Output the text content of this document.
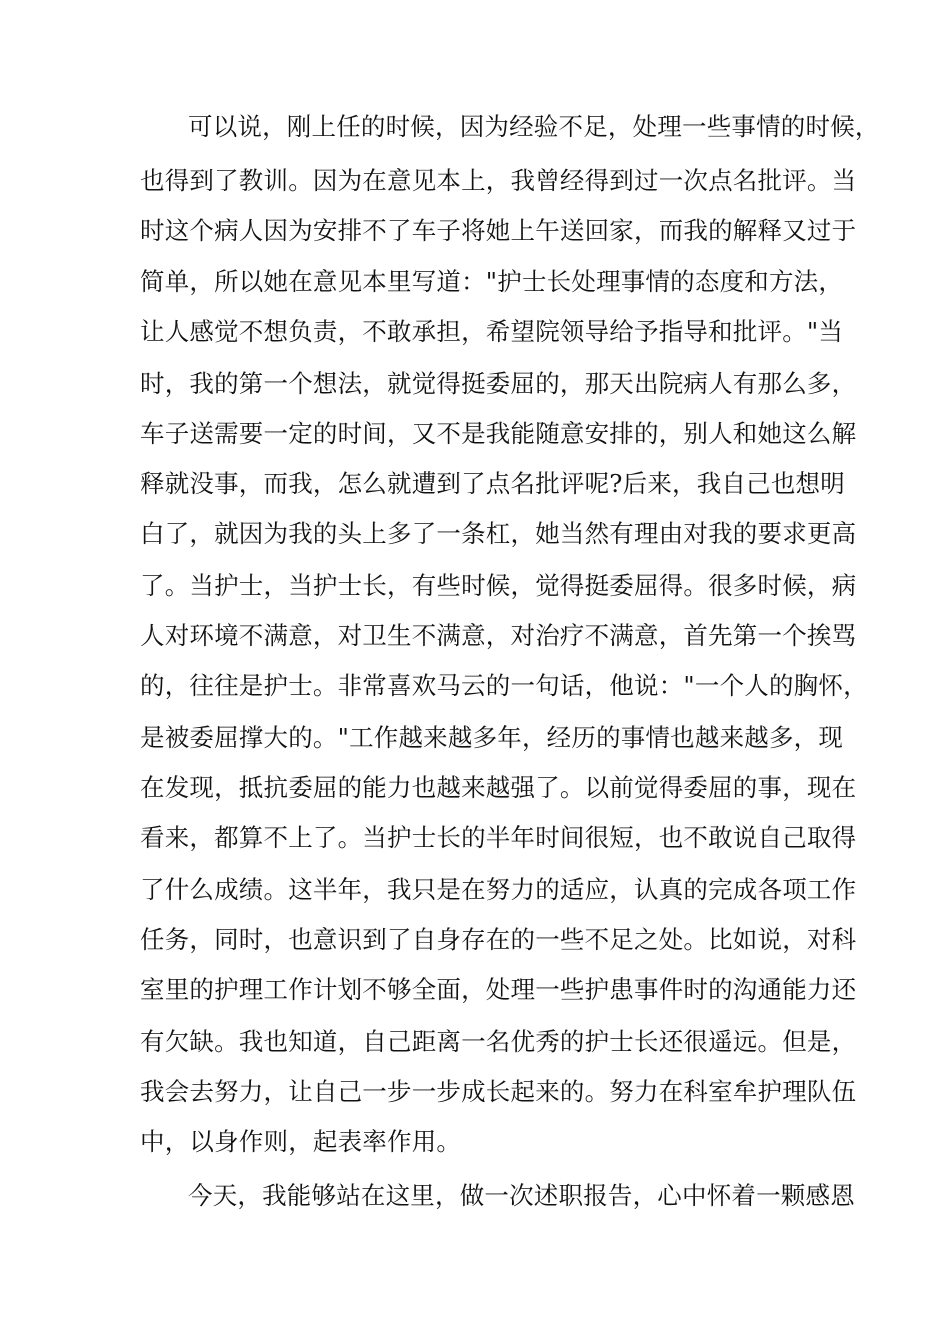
可以说，刚上任的时候，因为经验不足，处理一些事情的时候，

也得到了教训。因为在意见本上，我曾经得到过一次点名批评。当

时这个病人因为安排不了车子将她上午送回家，而我的解释又过于

简单，所以她在意见本里写道："护士长处理事情的态度和方法，

让人感觉不想负责，不敢承担，希望院领导给予指导和批评。"当

时，我的第一个想法，就觉得挺委屈的，那天出院病人有那么多，

车子送需要一定的时间，又不是我能随意安排的，别人和她这么解

释就没事，而我，怎么就遭到了点名批评呢?后来，我自己也想明

白了，就因为我的头上多了一条杠，她当然有理由对我的要求更高

了。当护士，当护士长，有些时候，觉得挺委屈得。很多时候，病

人对环境不满意，对卫生不满意，对治疗不满意，首先第一个挨骂

的，往往是护士。非常喜欢马云的一句话，他说："一个人的胸怀，

是被委屈撑大的。"工作越来越多年，经历的事情也越来越多，现

在发现，抵抗委屈的能力也越来越强了。以前觉得委屈的事，现在

看来，都算不上了。当护士长的半年时间很短，也不敢说自己取得

了什么成绩。这半年，我只是在努力的适应，认真的完成各项工作

任务，同时，也意识到了自身存在的一些不足之处。比如说，对科

室里的护理工作计划不够全面，处理一些护患事件时的沟通能力还

有欠缺。我也知道，自己距离一名优秀的护士长还很遥远。但是，

我会去努力，让自己一步一步成长起来的。努力在科室牟护理队伍

中，以身作则，起表率作用。

今天，我能够站在这里，做一次述职报告，心中怀着一颗感恩
